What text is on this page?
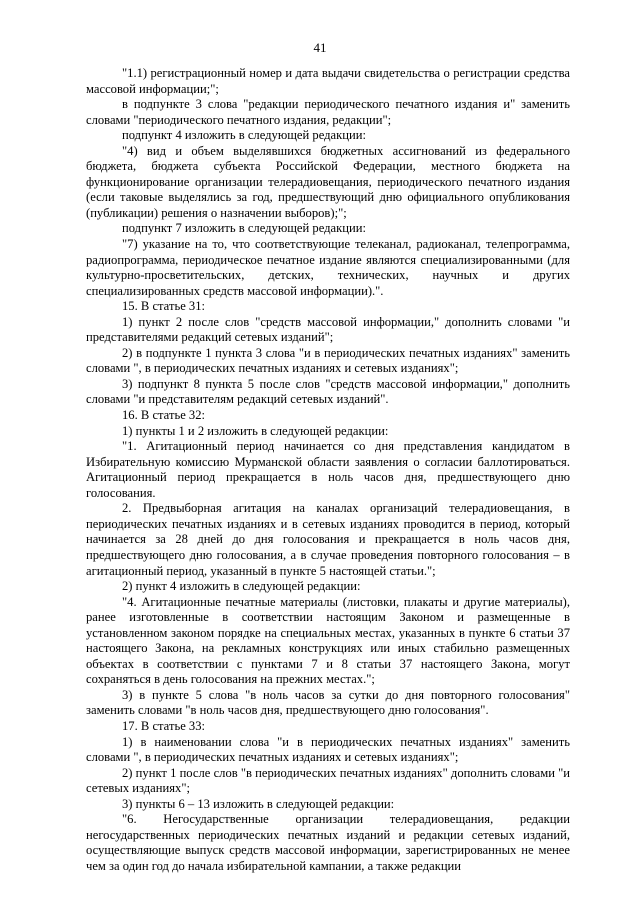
41

"1.1) регистрационный номер и дата выдачи свидетельства о регистрации средства массовой информации;";

в подпункте 3 слова "редакции периодического печатного издания и" заменить словами "периодического печатного издания, редакции";

подпункт 4 изложить в следующей редакции:

"4) вид и объем выделявшихся бюджетных ассигнований из федерального бюджета, бюджета субъекта Российской Федерации, местного бюджета на функционирование организации телерадиовещания, периодического печатного издания (если таковые выделялись за год, предшествующий дню официального опубликования (публикации) решения о назначении выборов);";

подпункт 7 изложить в следующей редакции:

"7) указание на то, что соответствующие телеканал, радиоканал, телепрограмма, радиопрограмма, периодическое печатное издание являются специализированными (для культурно-просветительских, детских, технических, научных и других специализированных средств массовой информации).".

15. В статье 31:

1) пункт 2 после слов "средств массовой информации," дополнить словами "и представителями редакций сетевых изданий";

2) в подпункте 1 пункта 3 слова "и в периодических печатных изданиях" заменить словами ", в периодических печатных изданиях и сетевых изданиях";

3) подпункт 8 пункта 5 после слов "средств массовой информации," дополнить словами "и представителям редакций сетевых изданий".

16. В статье 32:

1) пункты 1 и 2 изложить в следующей редакции:

"1. Агитационный период начинается со дня представления кандидатом в Избирательную комиссию Мурманской области заявления о согласии баллотироваться. Агитационный период прекращается в ноль часов дня, предшествующего дню голосования.

2. Предвыборная агитация на каналах организаций телерадиовещания, в периодических печатных изданиях и в сетевых изданиях проводится в период, который начинается за 28 дней до дня голосования и прекращается в ноль часов дня, предшествующего дню голосования, а в случае проведения повторного голосования – в агитационный период, указанный в пункте 5 настоящей статьи.";

2) пункт 4 изложить в следующей редакции:

"4. Агитационные печатные материалы (листовки, плакаты и другие материалы), ранее изготовленные в соответствии настоящим Законом и размещенные в установленном законом порядке на специальных местах, указанных в пункте 6 статьи 37 настоящего Закона, на рекламных конструкциях или иных стабильно размещенных объектах в соответствии с пунктами 7 и 8 статьи 37 настоящего Закона, могут сохраняться в день голосования на прежних местах.";

3) в пункте 5 слова "в ноль часов за сутки до дня повторного голосования" заменить словами "в ноль часов дня, предшествующего дню голосования".

17. В статье 33:

1) в наименовании слова "и в периодических печатных изданиях" заменить словами ", в периодических печатных изданиях и сетевых изданиях";

2) пункт 1 после слов "в периодических печатных изданиях" дополнить словами "и сетевых изданиях";

3) пункты 6 – 13 изложить в следующей редакции:

"6. Негосударственные организации телерадиовещания, редакции негосударственных периодических печатных изданий и редакции сетевых изданий, осуществляющие выпуск средств массовой информации, зарегистрированных не менее чем за один год до начала избирательной кампании, а также редакции
